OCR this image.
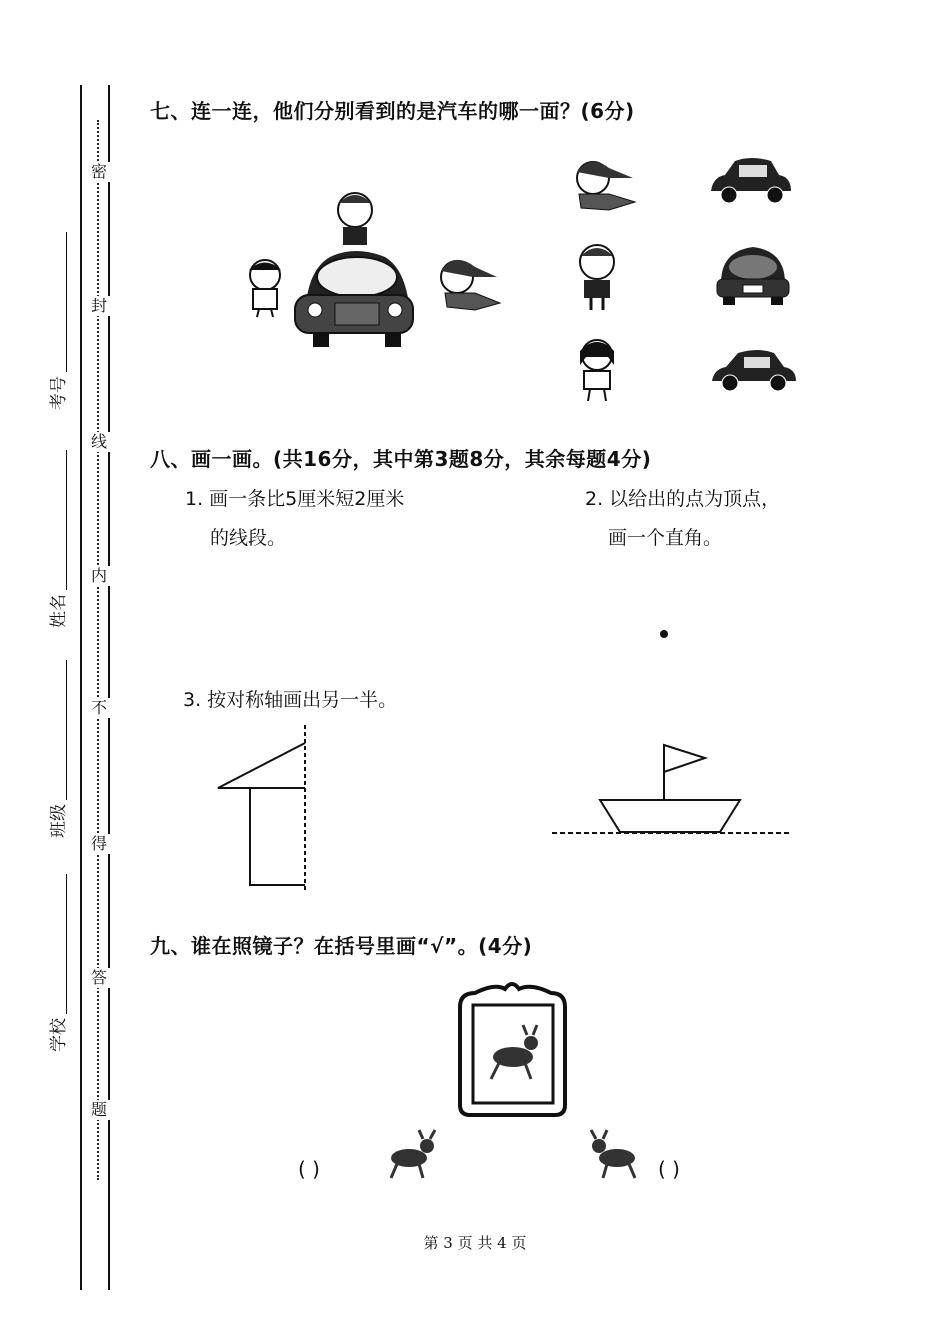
密
封
线
内
不
得
答
题
考号
姓名
班级
学校
七、连一连，他们分别看到的是汽车的哪一面？(6分)
八、画一画。(共16分，其中第3题8分，其余每题4分)
1. 画一条比5厘米短2厘米
的线段。
2. 以给出的点为顶点，
画一个直角。
3. 按对称轴画出另一半。
九、谁在照镜子？在括号里画“√”。(4分)
( )	( )
第 3 页 共 4 页
